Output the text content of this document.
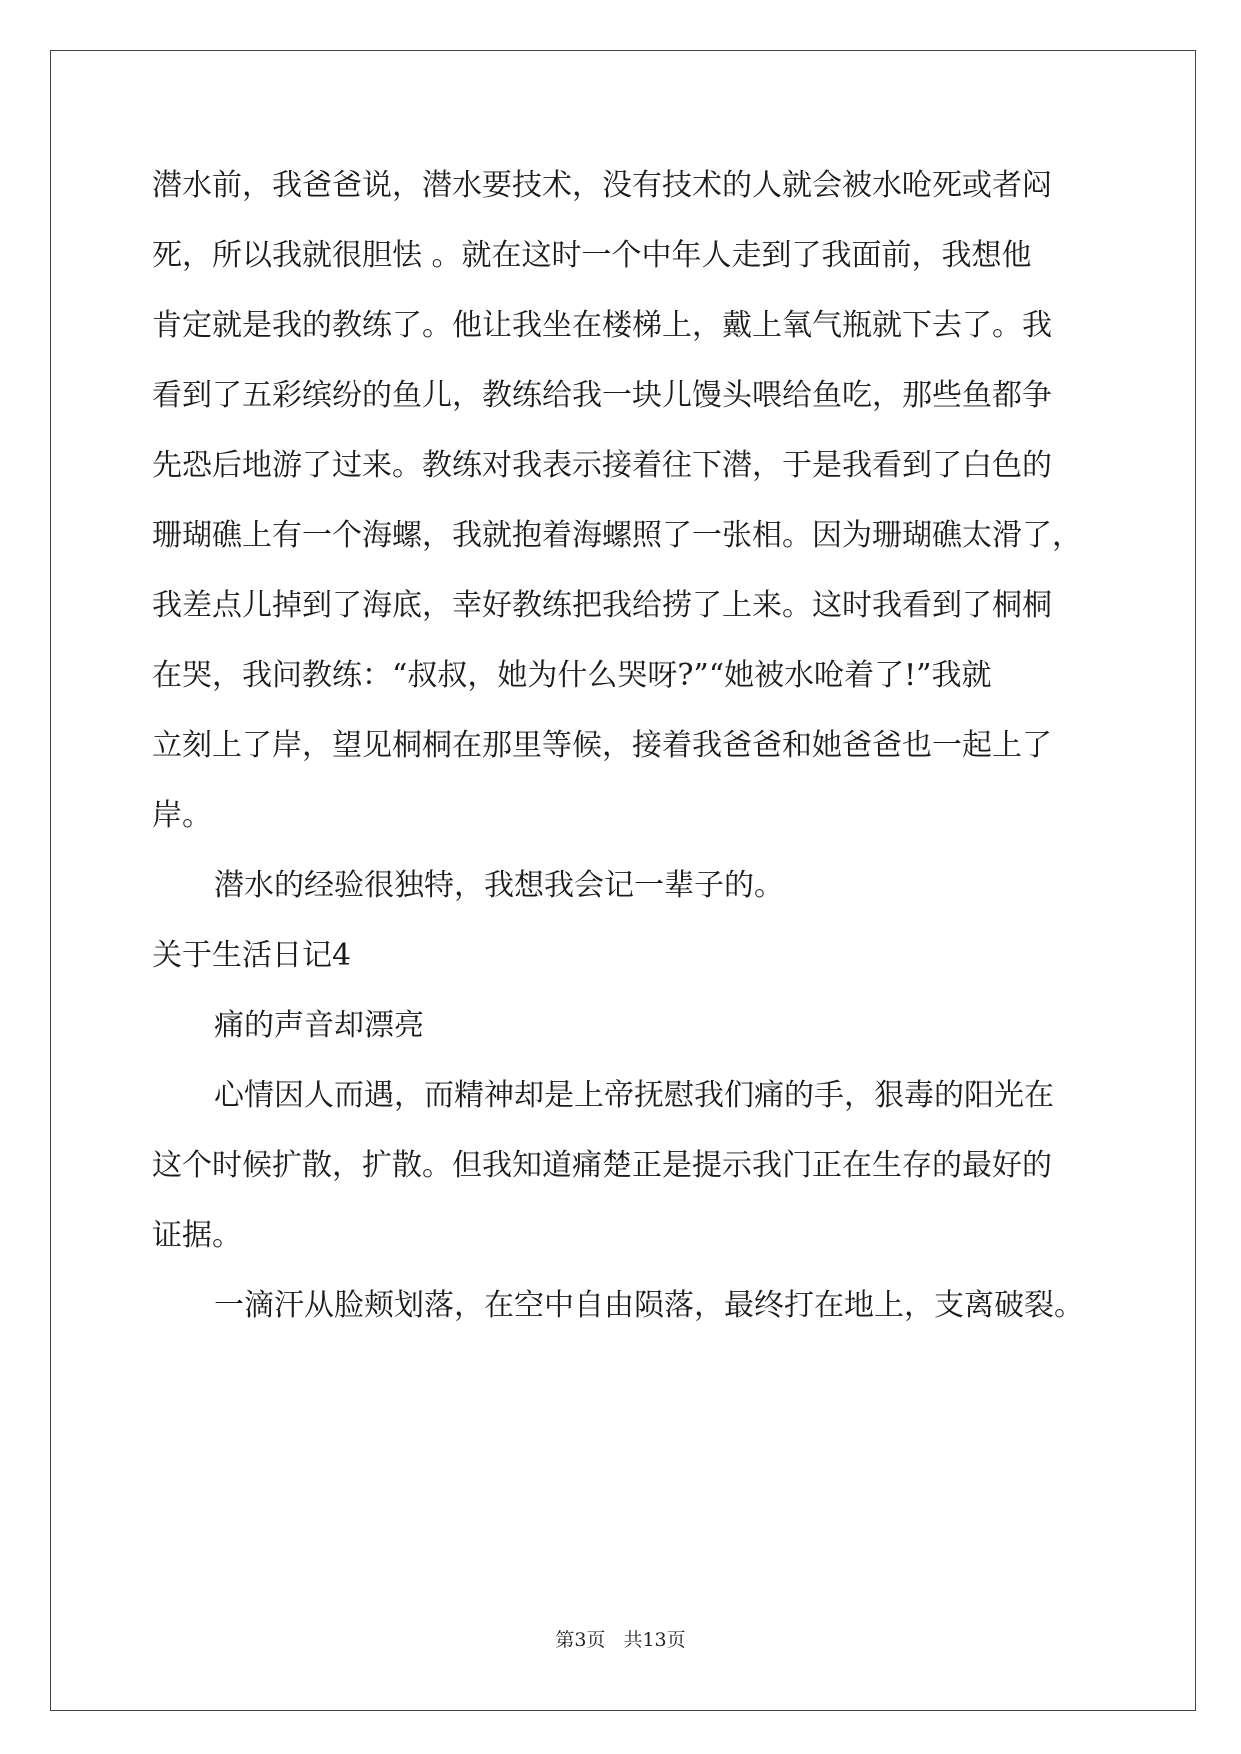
潜水前，我爸爸说，潜水要技术，没有技术的人就会被水呛死或者闷
死，所以我就很胆怯 。就在这时一个中年人走到了我面前，我想他
肯定就是我的教练了。他让我坐在楼梯上，戴上氧气瓶就下去了。我
看到了五彩缤纷的鱼儿，教练给我一块儿馒头喂给鱼吃，那些鱼都争
先恐后地游了过来。教练对我表示接着往下潜，于是我看到了白色的
珊瑚礁上有一个海螺，我就抱着海螺照了一张相。因为珊瑚礁太滑了，
我差点儿掉到了海底，幸好教练把我给捞了上来。这时我看到了桐桐
在哭，我问教练：“叔叔，她为什么哭呀?”“她被水呛着了!”我就
立刻上了岸，望见桐桐在那里等候，接着我爸爸和她爸爸也一起上了
岸。
潜水的经验很独特，我想我会记一辈子的。
关于生活日记4
痛的声音却漂亮
心情因人而遇，而精神却是上帝抚慰我们痛的手，狠毒的阳光在
这个时候扩散，扩散。但我知道痛楚正是提示我门正在生存的最好的
证据。
一滴汗从脸颊划落，在空中自由陨落，最终打在地上，支离破裂。
第3页 共13页
